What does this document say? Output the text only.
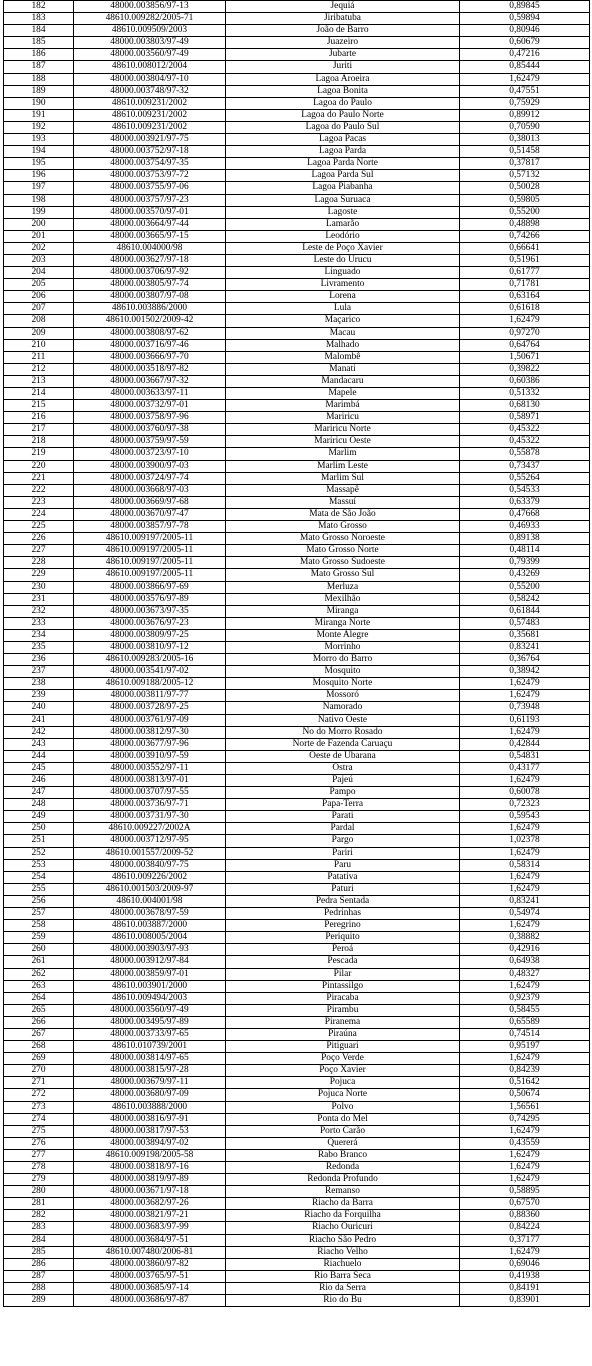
182	48000.003856/97-13	Jequiá	0,89845
183	48610.009282/2005-71	Jiribatuba	0,59894
184	48610.009509/2003	João de Barro	0,80946
185	48000.003803/97-49	Juazeiro	0,60679
186	48000.003560/97-49	Jubarte	0,47216
187	48610.008012/2004	Juriti	0,85444
188	48000.003804/97-10	Lagoa Aroeira	1,62479
189	48000.003748/97-32	Lagoa Bonita	0,47551
190	48610.009231/2002	Lagoa do Paulo	0,75929
191	48610.009231/2002	Lagoa do Paulo Norte	0,89912
192	48610.009231/2002	Lagoa do Paulo Sul	0,70590
193	48000.003921/97-75	Lagoa Pacas	0,38013
194	48000.003752/97-18	Lagoa Parda	0,51458
195	48000.003754/97-35	Lagoa Parda Norte	0,37817
196	48000.003753/97-72	Lagoa Parda Sul	0,57132
197	48000.003755/97-06	Lagoa Piabanha	0,50028
198	48000.003757/97-23	Lagoa Suruaca	0,59805
199	48000.003570/97-01	Lagoste	0,55200
200	48000.003664/97-44	Lamarão	0,48898
201	48000.003665/97-15	Leodório	0,74266
202	48610.004000/98	Leste de Poço Xavier	0,66641
203	48000.003627/97-18	Leste do Urucu	0,51961
204	48000.003706/97-92	Linguado	0,61777
205	48000.003805/97-74	Livramento	0,71781
206	48000.003807/97-08	Lorena	0,63164
207	48610.003886/2000	Lula	0,61618
208	48610.001502/2009-42	Maçarico	1,62479
209	48000.003808/97-62	Macau	0,97270
210	48000.003716/97-46	Malhado	0,64764
211	48000.003666/97-70	Malombê	1,50671
212	48000.003518/97-82	Manati	0,39822
213	48000.003667/97-32	Mandacaru	0,60386
214	48000.003633/97-11	Mapele	0,51332
215	48000.003732/97-01	Marimbá	0,68130
216	48000.003758/97-96	Mariricu	0,58971
217	48000.003760/97-38	Mariricu Norte	0,45322
218	48000.003759/97-59	Mariricu Oeste	0,45322
219	48000.003723/97-10	Marlim	0,55878
220	48000.003900/97-03	Marlim Leste	0,73437
221	48000.003724/97-74	Marlim Sul	0,55264
222	48000.003668/97-03	Massapê	0,54533
223	48000.003669/97-68	Massuí	0,63379
224	48000.003670/97-47	Mata de São João	0,47668
225	48000.003857/97-78	Mato Grosso	0,46933
226	48610.009197/2005-11	Mato Grosso Noroeste	0,89138
227	48610.009197/2005-11	Mato Grosso Norte	0,48114
228	48610.009197/2005-11	Mato Grosso Sudoeste	0,79399
229	48610.009197/2005-11	Mato Grosso Sul	0,43269
230	48000.003866/97-69	Merluza	0,55200
231	48000.003576/97-89	Mexilhão	0,58242
232	48000.003673/97-35	Miranga	0,61844
233	48000.003676/97-23	Miranga Norte	0,57483
234	48000.003809/97-25	Monte Alegre	0,35681
235	48000.003810/97-12	Morrinho	0,83241
236	48610.009283/2005-16	Morro do Barro	0,36764
237	48000.003541/97-02	Mosquito	0,38942
238	48610.009188/2005-12	Mosquito Norte	1,62479
239	48000.003811/97-77	Mossoró	1,62479
240	48000.003728/97-25	Namorado	0,73948
241	48000.003761/97-09	Nativo Oeste	0,61193
242	48000.003812/97-30	No do Morro Rosado	1,62479
243	48000.003677/97-96	Norte de Fazenda Caruaçu	0,42844
244	48000.003910/97-59	Oeste de Ubarana	0,54831
245	48000.003552/97-11	Ostra	0,43177
246	48000.003813/97-01	Pajeú	1,62479
247	48000.003707/97-55	Pampo	0,60078
248	48000.003736/97-71	Papa-Terra	0,72323
249	48000.003731/97-30	Parati	0,59543
250	48610.009227/2002A	Pardal	1,62479
251	48000.003712/97-95	Pargo	1,02378
252	48610.001557/2009-52	Pariri	1,62479
253	48000.003840/97-75	Paru	0,58314
254	48610.009226/2002	Patativa	1,62479
255	48610.001503/2009-97	Paturi	1,62479
256	48610.004001/98	Pedra Sentada	0,83241
257	48000.003678/97-59	Pedrinhas	0,54974
258	48610.003887/2000	Peregrino	1,62479
259	48610.008005/2004	Periquito	0,38882
260	48000.003903/97-93	Peroá	0,42916
261	48000.003912/97-84	Pescada	0,64938
262	48000.003859/97-01	Pilar	0,48327
263	48610.003901/2000	Pintassilgo	1,62479
264	48610.009494/2003	Piracaba	0,92379
265	48000.003560/97-49	Pirambu	0,58455
266	48000.003495/97-89	Piranema	0,65589
267	48000.003733/97-65	Piraúna	0,74514
268	48610.010739/2001	Pitiguari	0,95197
269	48000.003814/97-65	Poço Verde	1,62479
270	48000.003815/97-28	Poço Xavier	0,84239
271	48000.003679/97-11	Pojuca	0,51642
272	48000.003680/97-09	Pojuca Norte	0,50674
273	48610.003888/2000	Polvo	1,56561
274	48000.003816/97-91	Ponta do Mel	0,74295
275	48000.003817/97-53	Porto Carão	1,62479
276	48000.003894/97-02	Quererá	0,43559
277	48610.009198/2005-58	Rabo Branco	1,62479
278	48000.003818/97-16	Redonda	1,62479
279	48000.003819/97-89	Redonda Profundo	1,62479
280	48000.003671/97-18	Remanso	0,58895
281	48000.003682/97-26	Riacho da Barra	0,67570
282	48000.003821/97-21	Riacho da Forquilha	0,88360
283	48000.003683/97-99	Riacho Ouricuri	0,84224
284	48000.003684/97-51	Riacho São Pedro	0,37177
285	48610.007480/2006-81	Riacho Velho	1,62479
286	48000.003860/97-82	Riachuelo	0,69046
287	48000.003765/97-51	Rio Barra Seca	0,41938
288	48000.003685/97-14	Rio da Serra	0,84191
289	48000.003686/97-87	Rio do Bu	0,83901
